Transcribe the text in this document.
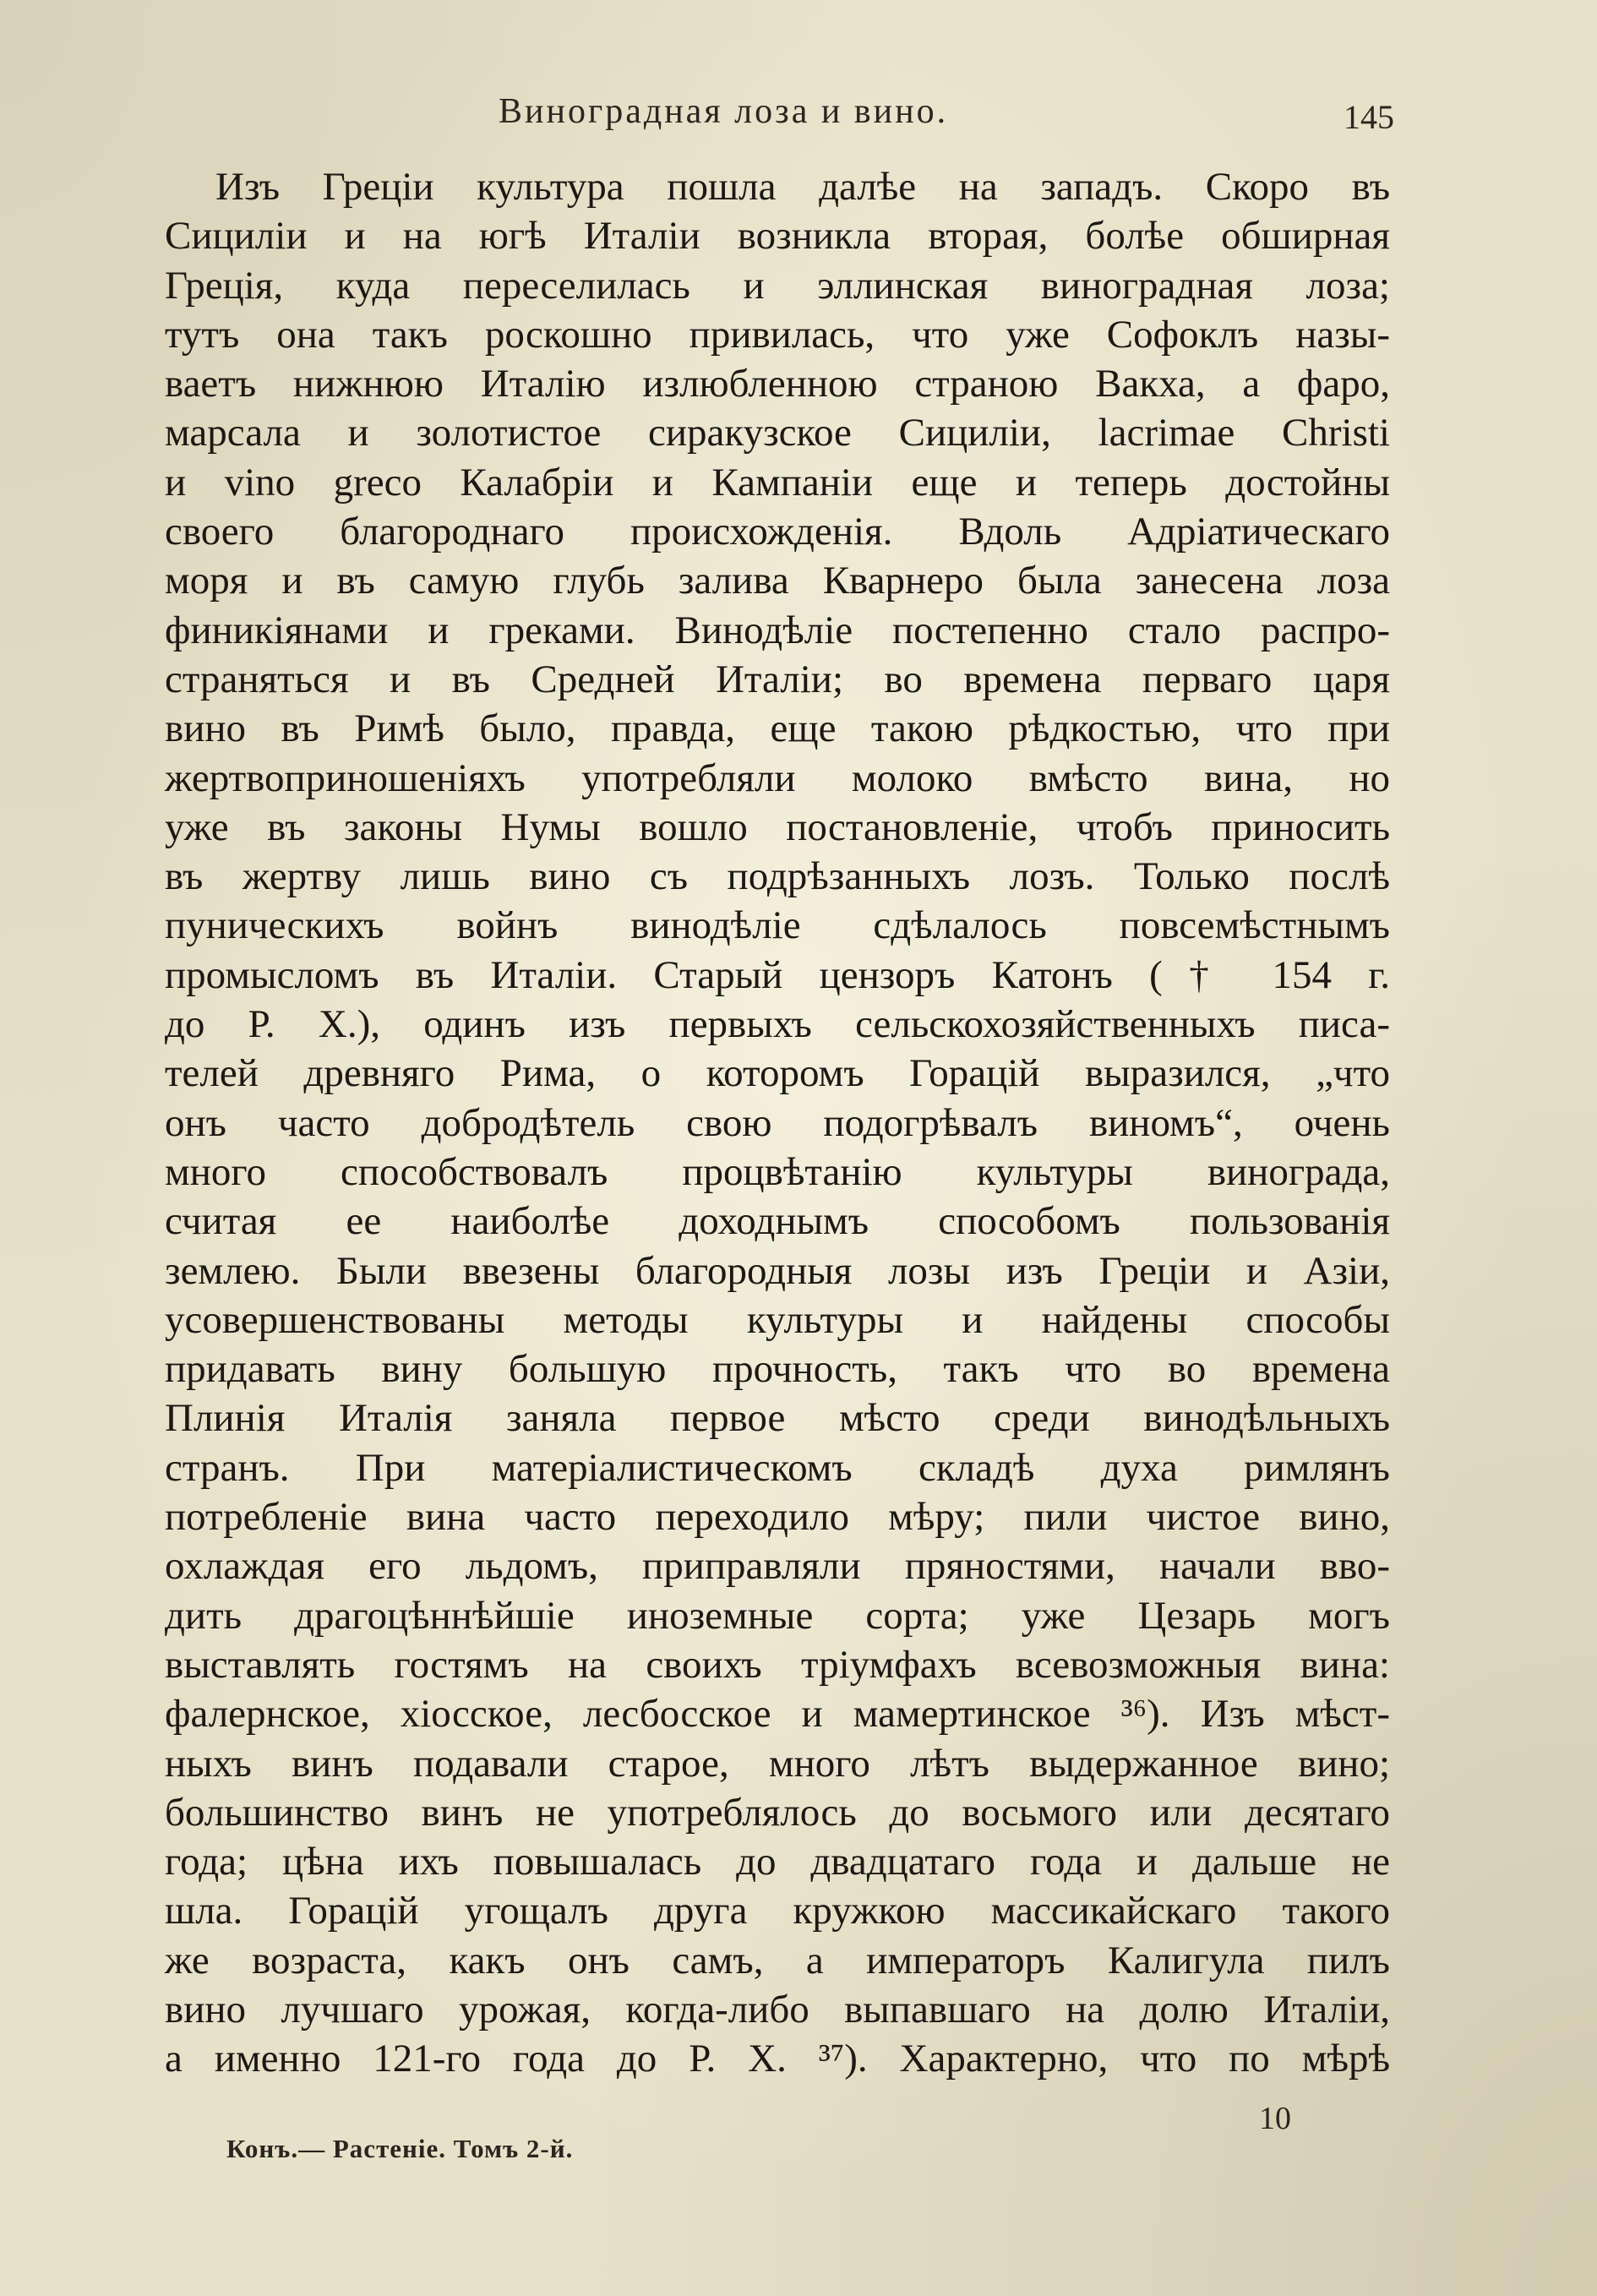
Виноградная лоза и вино.	145
Изъ Греціи культура пошла далѣе на западъ. Скоро въ
Сициліи и на югѣ Италіи возникла вторая, болѣе обширная
Грецiя, куда переселилась и эллинская виноградная лоза;
тутъ она такъ роскошно привилась, что уже Софоклъ назы-
ваетъ нижнюю Италію излюбленною страною Вакха, а фаро,
марсала и золотистое сиракузское Сициліи, lacrimae Christi
и vino greco Калабріи и Кампаніи еще и теперь достойны
своего благороднаго происхожденія. Вдоль Адріатическаго
моря и въ самую глубь залива Кварнеро была занесена лоза
финикіянами и греками. Винодѣліе постепенно стало распро-
страняться и въ Средней Италіи; во времена перваго царя
вино въ Римѣ было, правда, еще такою рѣдкостью, что при
жертвоприношеніяхъ употребляли молоко вмѣсто вина, но
уже въ законы Нумы вошло постановленіе, чтобъ приносить
въ жертву лишь вино съ подрѣзанныхъ лозъ. Только послѣ
пуническихъ войнъ винодѣліе сдѣлалось повсемѣстнымъ
промысломъ въ Италіи. Старый цензоръ Катонъ († 154 г.
до Р. Х.), одинъ изъ первыхъ сельскохозяйственныхъ писа-
телей древняго Рима, о которомъ Горацій выразился, „что
онъ часто добродѣтель свою подогрѣвалъ виномъ“, очень
много способствовалъ процвѣтанію культуры винограда,
считая ее наиболѣе доходнымъ способомъ пользованія
землею. Были ввезены благородныя лозы изъ Греціи и Азіи,
усовершенствованы методы культуры и найдены способы
придавать вину большую прочность, такъ что во времена
Плинія Италія заняла первое мѣсто среди винодѣльныхъ
странъ. При матеріалистическомъ складѣ духа римлянъ
потребленіе вина часто переходило мѣру; пили чистое вино,
охлаждая его льдомъ, приправляли пряностями, начали вво-
дить драгоцѣннѣйшіе иноземные сорта; уже Цезарь могъ
выставлять гостямъ на своихъ тріумфахъ всевозможныя вина:
фалернское, хіосское, лесбосское и мамертинское ³⁶). Изъ мѣст-
ныхъ винъ подавали старое, много лѣтъ выдержанное вино;
большинство винъ не употреблялось до восьмого или десятаго
года; цѣна ихъ повышалась до двадцатаго года и дальше не
шла. Горацій угощалъ друга кружкою массикайскаго такого
же возраста, какъ онъ самъ, а императоръ Калигула пилъ
вино лучшаго урожая, когда-либо выпавшаго на долю Италіи,
а именно 121-го года до Р. Х. ³⁷). Характерно, что по мѣрѣ
10
Конъ.— Растеніе. Томъ 2-й.
